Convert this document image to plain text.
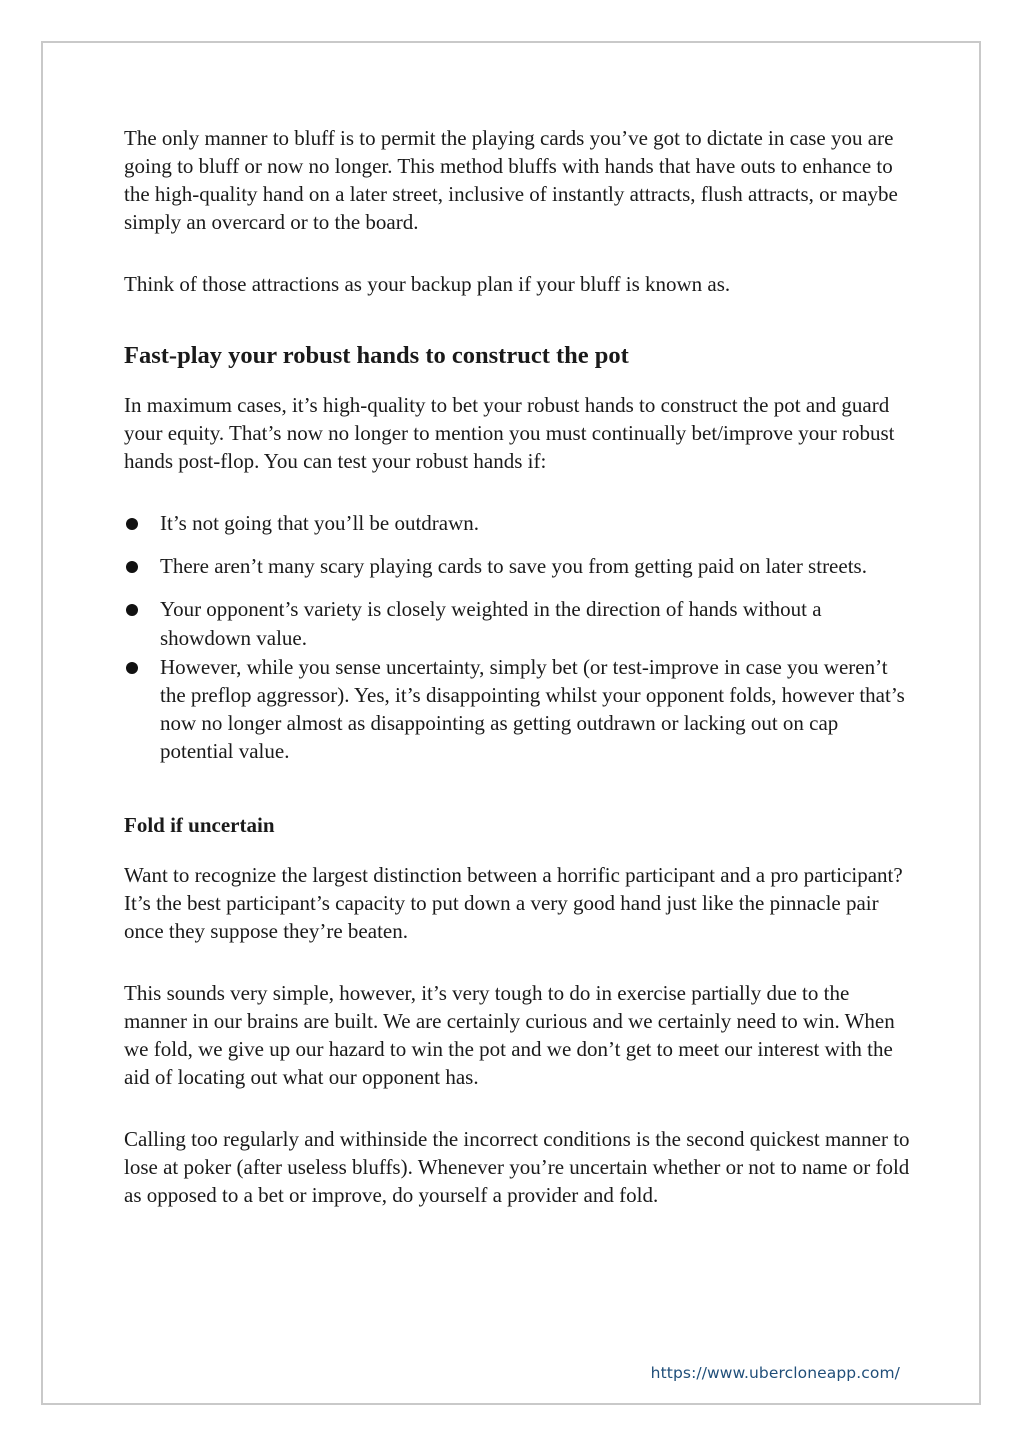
The only manner to bluff is to permit the playing cards you’ve got to dictate in case you are going to bluff or now no longer. This method bluffs with hands that have outs to enhance to the high-quality hand on a later street, inclusive of instantly attracts, flush attracts, or maybe simply an overcard or to the board.

Think of those attractions as your backup plan if your bluff is known as.

Fast-play your robust hands to construct the pot

In maximum cases, it’s high-quality to bet your robust hands to construct the pot and guard your equity. That’s now no longer to mention you must continually bet/improve your robust hands post-flop. You can test your robust hands if:

It’s not going that you’ll be outdrawn.
There aren’t many scary playing cards to save you from getting paid on later streets.
Your opponent’s variety is closely weighted in the direction of hands without a showdown value.
However, while you sense uncertainty, simply bet (or test-improve in case you weren’t the preflop aggressor). Yes, it’s disappointing whilst your opponent folds, however that’s now no longer almost as disappointing as getting outdrawn or lacking out on cap potential value.
Fold if uncertain

Want to recognize the largest distinction between a horrific participant and a pro participant? It’s the best participant’s capacity to put down a very good hand just like the pinnacle pair once they suppose they’re beaten.

This sounds very simple, however, it’s very tough to do in exercise partially due to the manner in our brains are built. We are certainly curious and we certainly need to win. When we fold, we give up our hazard to win the pot and we don’t get to meet our interest with the aid of locating out what our opponent has.

Calling too regularly and withinside the incorrect conditions is the second quickest manner to lose at poker (after useless bluffs). Whenever you’re uncertain whether or not to name or fold as opposed to a bet or improve, do yourself a provider and fold.

https://www.ubercloneapp.com/
